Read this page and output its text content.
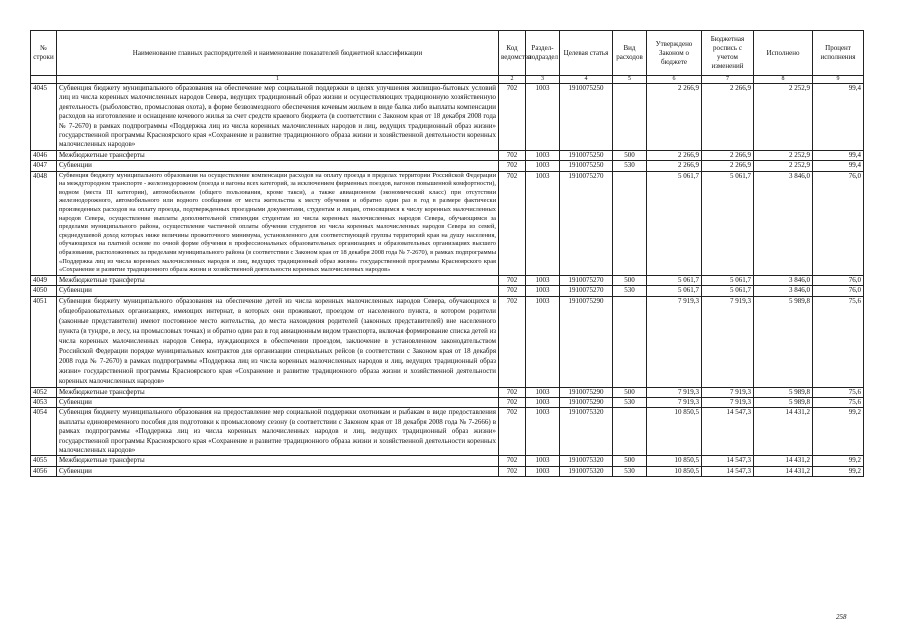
№ строки	Наименование главных распорядителей и наименование показателей бюджетной классификации	Код ведомства	Раздел-подраздел	Целевая статья	Вид расходов	Утверждено Законом о бюджете	Бюджетная роспись с учетом изменений	Исполнено	Процент исполнения
	1	2	3	4	5	6	7	8	9
4045	Субвенция бюджету муниципального образования на обеспечение мер социальной поддержки в целях улучшения жилищно-бытовых условий лиц из числа коренных малочисленных народов Севера, ведущих традиционный образ жизни и осуществляющих традиционную хозяйственную деятельность (рыболовство, промысловая охота), в форме безвозмездного обеспечения кочевым жильем в виде балка либо выплаты компенсации расходов на изготовление и оснащение кочевого жилья за счет средств краевого бюджета (в соответствии с Законом края от 18 декабря 2008 года № 7-2670) в рамках подпрограммы «Поддержка лиц из числа коренных малочисленных народов и лиц, ведущих традиционный образ жизни» государственной программы Красноярского края «Сохранение и развитие традиционного образа жизни и хозяйственной деятельности коренных малочисленных народов»	702	1003	1910075250		2 266,9	2 266,9	2 252,9	99,4
4046	Межбюджетные трансферты	702	1003	1910075250	500	2 266,9	2 266,9	2 252,9	99,4
4047	Субвенции	702	1003	1910075250	530	2 266,9	2 266,9	2 252,9	99,4
4048	Субвенция бюджету муниципального образования на осуществление компенсации расходов на оплату проезда в пределах территории Российской Федерации на междугородном транспорте - железнодорожном (поезда и вагоны всех категорий, за исключением фирменных поездов, вагонов повышенной комфортности), водном (места III категории), автомобильном (общего пользования, кроме такси), а также авиационном (экономический класс) при отсутствии железнодорожного, автомобильного или водного сообщения от места жительства к месту обучения и обратно один раз в год в размере фактически произведенных расходов на оплату проезда, подтвержденных проездными документами, студентам и лицам, относящимся к числу коренных малочисленных народов Севера, осуществление выплаты дополнительной стипендии студентам из числа коренных малочисленных народов Севера, обучающимся за пределами муниципального района, осуществление частичной оплаты обучения студентов из числа коренных малочисленных народов Севера из семей, среднедушевой доход которых ниже величины прожиточного минимума, установленного для соответствующей группы территорий края на душу населения, обучающихся на платной основе по очной форме обучения в профессиональных образовательных организациях и образовательных организациях высшего образования, расположенных за пределами муниципального района (в соответствии с Законом края от 18 декабря 2008 года № 7-2670), в рамках подпрограммы «Поддержка лиц из числа коренных малочисленных народов и лиц, ведущих традиционный образ жизни» государственной программы Красноярского края «Сохранение и развитие традиционного образа жизни и хозяйственной деятельности коренных малочисленных народов»	702	1003	1910075270		5 061,7	5 061,7	3 846,0	76,0
4049	Межбюджетные трансферты	702	1003	1910075270	500	5 061,7	5 061,7	3 846,0	76,0
4050	Субвенции	702	1003	1910075270	530	5 061,7	5 061,7	3 846,0	76,0
4051	Субвенция бюджету муниципального образования на обеспечение детей из числа коренных малочисленных народов Севера, обучающихся в общеобразовательных организациях, имеющих интернат, в которых они проживают, проездом от населенного пункта, в котором родители (законные представители) имеют постоянное место жительства, до места нахождения родителей (законных представителей) вне населенного пункта (в тундре, в лесу, на промысловых точках) и обратно один раз в год авиационным видом транспорта, включая формирование списка детей из числа коренных малочисленных народов Севера, нуждающихся в обеспечении проездом, заключение в установленном законодательством Российской Федерации порядке муниципальных контрактов для организации специальных рейсов (в соответствии с Законом края от 18 декабря 2008 года № 7-2670) в рамках подпрограммы «Поддержка лиц из числа коренных малочисленных народов и лиц, ведущих традиционный образ жизни» государственной программы Красноярского края «Сохранение и развитие традиционного образа жизни и хозяйственной деятельности коренных малочисленных народов»	702	1003	1910075290		7 919,3	7 919,3	5 989,8	75,6
4052	Межбюджетные трансферты	702	1003	1910075290	500	7 919,3	7 919,3	5 989,8	75,6
4053	Субвенции	702	1003	1910075290	530	7 919,3	7 919,3	5 989,8	75,6
4054	Субвенция бюджету муниципального образования на предоставление мер социальной поддержки охотникам и рыбакам в виде предоставления выплаты единовременного пособия для подготовки к промысловому сезону (в соответствии с Законом края от 18 декабря 2008 года № 7-2666) в рамках подпрограммы «Поддержка лиц из числа коренных малочисленных народов и лиц, ведущих традиционный образ жизни» государственной программы Красноярского края «Сохранение и развитие традиционного образа жизни и хозяйственной деятельности коренных малочисленных народов»	702	1003	1910075320		10 850,5	14 547,3	14 431,2	99,2
4055	Межбюджетные трансферты	702	1003	1910075320	500	10 850,5	14 547,3	14 431,2	99,2
4056	Субвенции	702	1003	1910075320	530	10 850,5	14 547,3	14 431,2	99,2
258
